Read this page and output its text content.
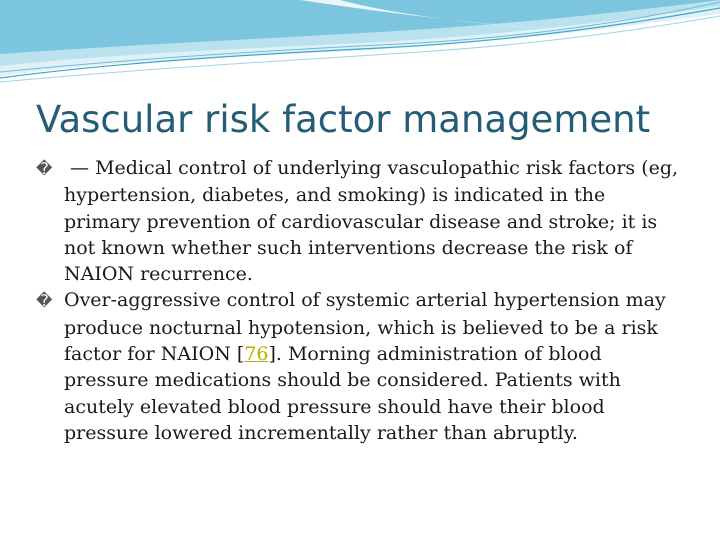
Vascular risk factor management

� — Medical control of underlying vasculopathic risk factors (eg, hypertension, diabetes, and smoking) is indicated in the primary prevention of cardiovascular disease and stroke; it is not known whether such interventions decrease the risk of NAION recurrence.

� Over-aggressive control of systemic arterial hypertension may produce nocturnal hypotension, which is believed to be a risk factor for NAION [76]. Morning administration of blood pressure medications should be considered. Patients with acutely elevated blood pressure should have their blood pressure lowered incrementally rather than abruptly.
